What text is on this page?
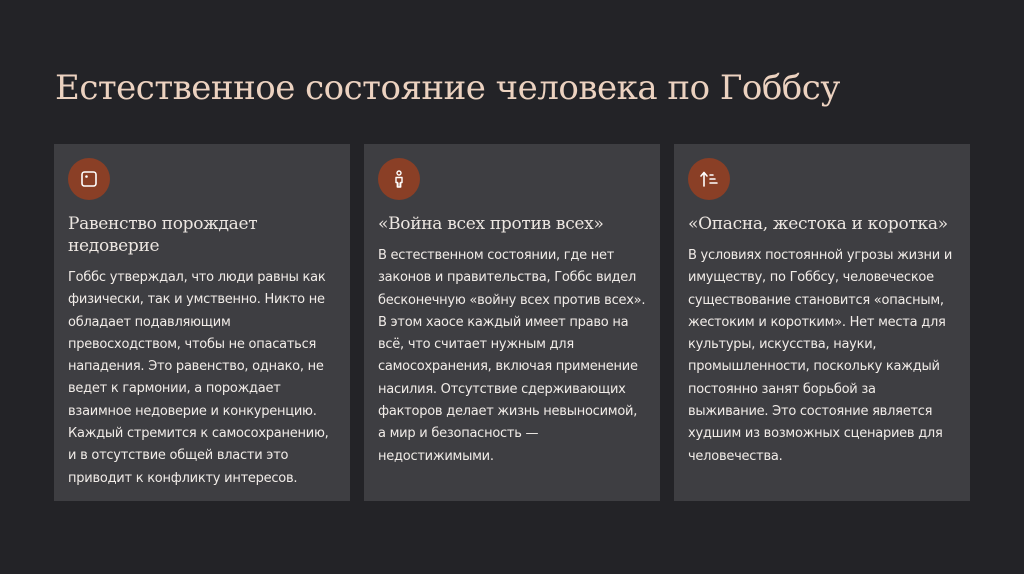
Естественное состояние человека по Гоббсу
Равенство порождает недоверие

Гоббс утверждал, что люди равны как физически, так и умственно. Никто не обладает подавляющим превосходством, чтобы не опасаться нападения. Это равенство, однако, не ведет к гармонии, а порождает взаимное недоверие и конкуренцию. Каждый стремится к самосохранению, и в отсутствие общей власти это приводит к конфликту интересов.

«Война всех против всех»

В естественном состоянии, где нет законов и правительства, Гоббс видел бесконечную «войну всех против всех». В этом хаосе каждый имеет право на всё, что считает нужным для самосохранения, включая применение насилия. Отсутствие сдерживающих факторов делает жизнь невыносимой, а мир и безопасность — недостижимыми.

«Опасна, жестока и коротка»

В условиях постоянной угрозы жизни и имуществу, по Гоббсу, человеческое существование становится «опасным, жестоким и коротким». Нет места для культуры, искусства, науки, промышленности, поскольку каждый постоянно занят борьбой за выживание. Это состояние является худшим из возможных сценариев для человечества.
